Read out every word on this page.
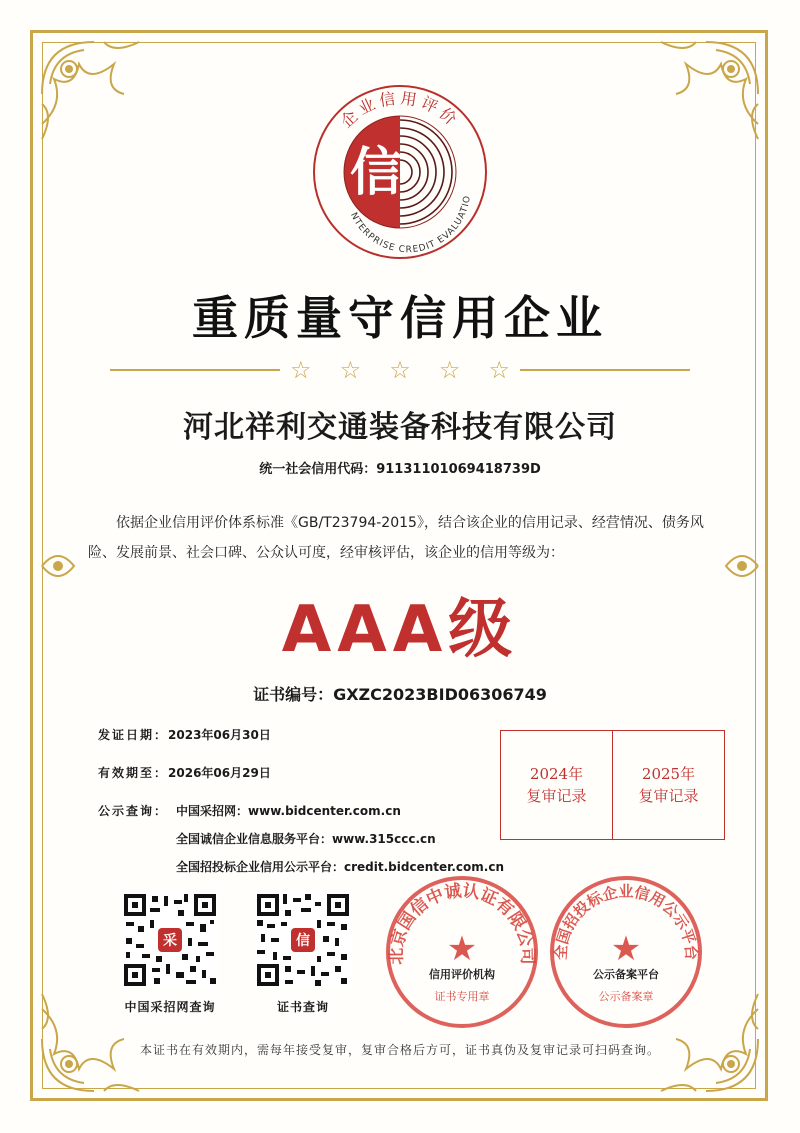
信
企业信用评价
NTERPRISE CREDIT EVALUATIO
重质量守信用企业
☆ ☆ ☆ ☆ ☆
河北祥利交通装备科技有限公司
统一社会信用代码：91131101069418739D
依据企业信用评价体系标准《GB/T23794-2015》，结合该企业的信用记录、经营情况、债务风险、发展前景、社会口碑、公众认可度，经审核评估，该企业的信用等级为：
AAA级
证书编号：GXZC2023BID06306749
发证日期：2023年06月30日
有效期至：2026年06月29日
公示查询： 中国采招网：www.bidcenter.com.cn
全国诚信企业信息服务平台：www.315ccc.cn
全国招投标企业信用公示平台：credit.bidcenter.com.cn
2024年
复审记录
2025年
复审记录
采
中国采招网查询
信
证书查询
北京国信中诚认证有限公司
★
信用评价机构
证书专用章
全国招投标企业信用公示平台
★
公示备案平台
公示备案章
本证书在有效期内，需每年接受复审，复审合格后方可，证书真伪及复审记录可扫码查询。
